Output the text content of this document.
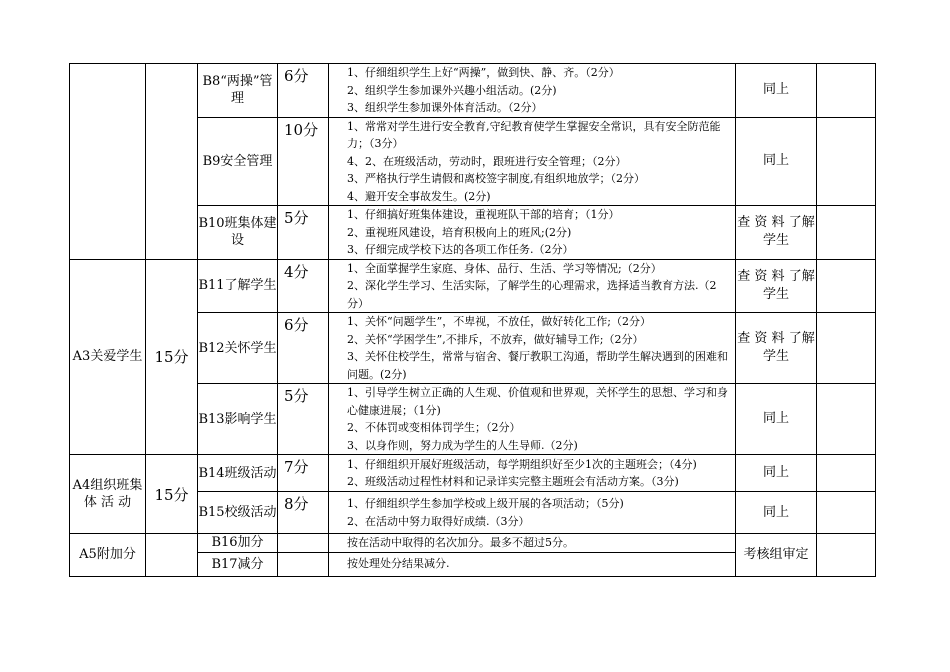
		B8“两操”管理	6分	1、仔细组织学生上好“两操”，做到快、静、齐。（2分）
2、组织学生参加课外兴趣小组活动。(2分)
3、组织学生参加课外体育活动。（2分）	同上	
		B9安全管理	10分	1、常常对学生进行安全教育,守纪教育使学生掌握安全常识，具有安全防范能力；（3分）
4、2、在班级活动，劳动时，跟班进行安全管理；（2分）
3、严格执行学生请假和离校签字制度,有组织地放学；（2分）
4、避开安全事故发生。(2分)	同上	
		B10班集体建 设	5分	1、仔细搞好班集体建设，重视班队干部的培育；（1分）
2、重视班风建设，培育积极向上的班风;(2分)
3、仔细完成学校下达的各项工作任务.（2分）	查 资 料 了解学生	
A3关爱学生	15分	B11了解学生	4分	1、全面掌握学生家庭、身体、品行、生活、学习等情况;（2分）
2、深化学生学习、生活实际，了解学生的心理需求，选择适当教育方法.（2分）	查 资 料 了解学生	
		B12关怀学生	6分	1、关怀“问题学生”，不卑视，不放任，做好转化工作;（2分）
2、关怀“学困学生”,不排斥，不放弃，做好辅导工作;（2分）
3、关怀住校学生，常常与宿舍、餐厅教职工沟通，帮助学生解决遇到的困难和问题。(2分)	查 资 料 了解学生	
		B13影响学生	5分	1、引导学生树立正确的人生观、价值观和世界观，关怀学生的思想、学习和身心健康进展；（1分)
2、不体罚或变相体罚学生；（2分）
3、以身作则，努力成为学生的人生导师.（2分)	同上	
A4组织班集 体 活 动	15分	B14班级活动	7分	1、仔细组织开展好班级活动，每学期组织好至少1次的主题班会；（4分)
2、班级活动过程性材料和记录详实完整主题班会有活动方案。（3分)	同上	
		B15校级活动	8分	1、仔细组织学生参加学校或上级开展的各项活动；（5分)
2、在活动中努力取得好成绩.（3分）	同上	
A5附加分		B16加分		按在活动中取得的名次加分。最多不超过5分。	考核组审定	
		B17减分		按处理处分结果减分.		
